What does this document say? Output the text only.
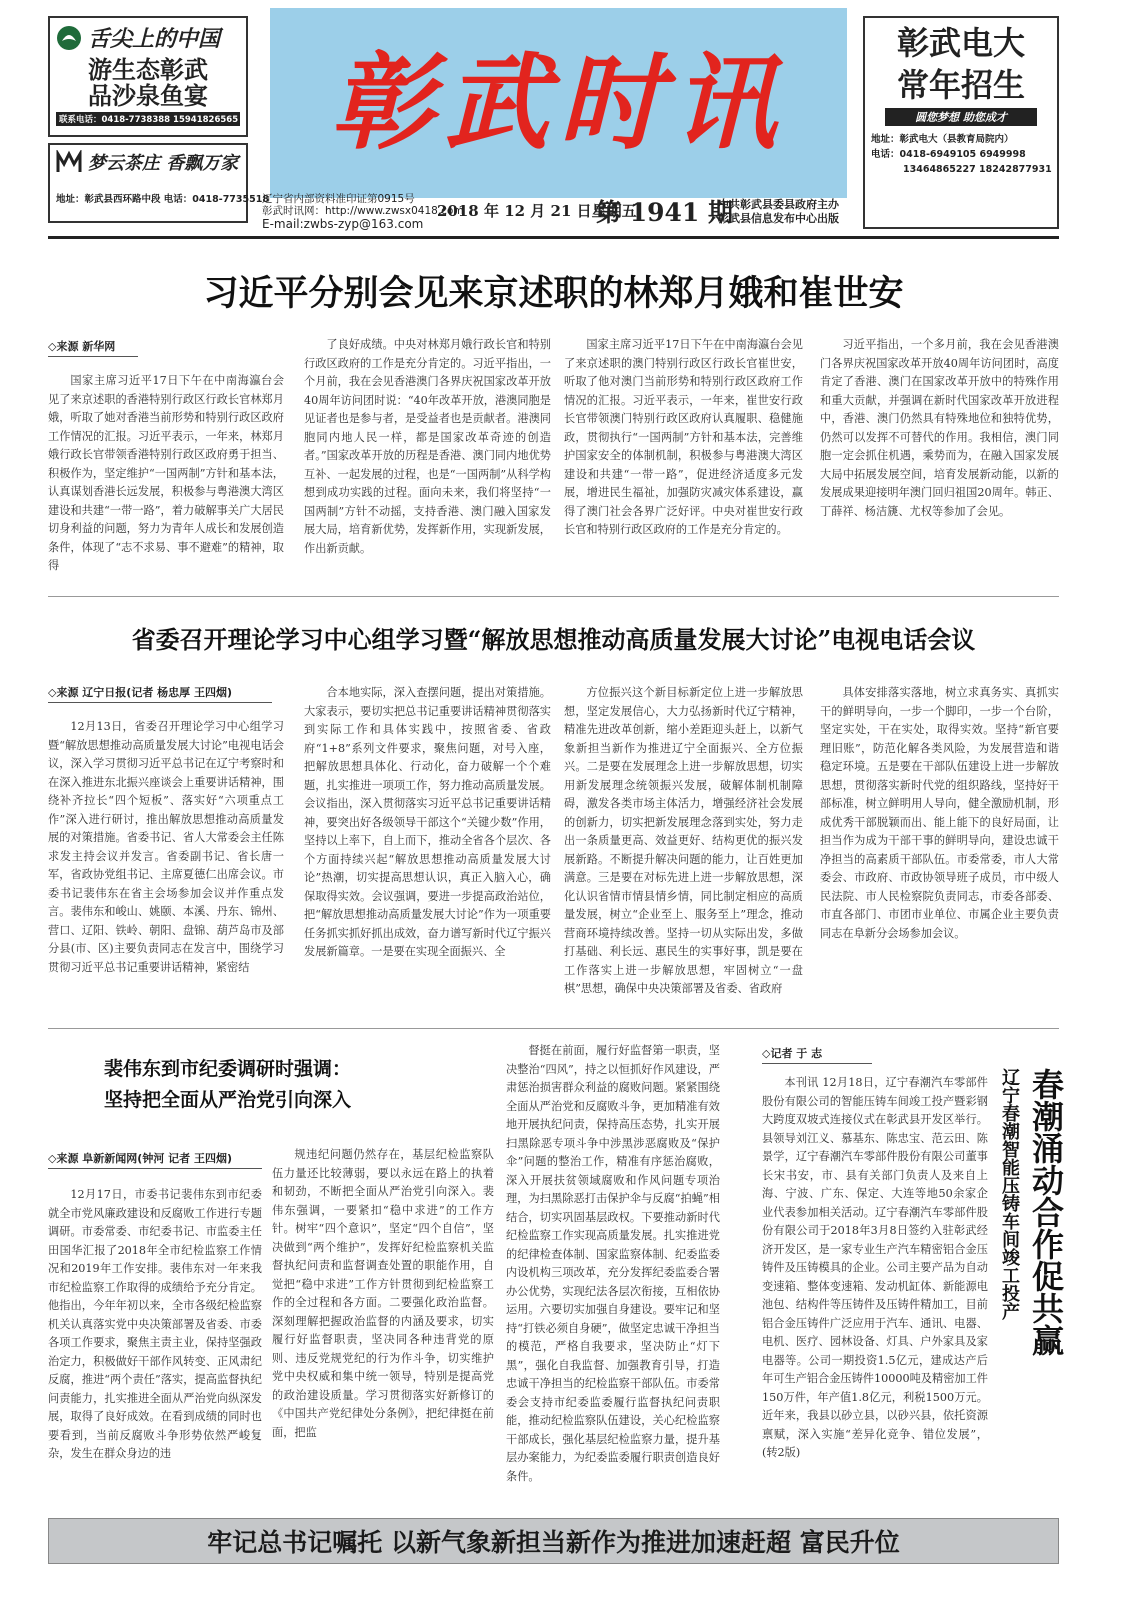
舌尖上的中国
游生态彰武
品沙泉鱼宴
联系电话：0418-7738388 15941826565
梦云茶庄 香飘万家
地址：彰武县西环路中段 电话：0418-7735518
彰武时讯
辽宁省内部资料准印证第0915号
彰武时讯网：http://www.zwsx0418.com
E-mail:zwbs-zyp@163.com
2018 年 12 月 21 日星期五
第 1941 期
中共彰武县委县政府主办
彰武县信息发布中心出版
彰武电大
常年招生
圆您梦想 助您成才
地址：彰武电大（县教育局院内）
电话：0418-6949105 6949998
13464865227 18242877931
习近平分别会见来京述职的林郑月娥和崔世安
◇来源 新华网

国家主席习近平17日下午在中南海瀛台会见了来京述职的香港特别行政区行政长官林郑月娥，听取了她对香港当前形势和特别行政区政府工作情况的汇报。习近平表示，一年来，林郑月娥行政长官带领香港特别行政区政府勇于担当、积极作为，坚定维护“一国两制”方针和基本法，认真谋划香港长远发展，积极参与粤港澳大湾区建设和共建“一带一路”，着力破解事关广大居民切身利益的问题，努力为青年人成长和发展创造条件，体现了“志不求易、事不避难”的精神，取得

了良好成绩。中央对林郑月娥行政长官和特别行政区政府的工作是充分肯定的。习近平指出，一个月前，我在会见香港澳门各界庆祝国家改革开放40周年访问团时说：“40年改革开放，港澳同胞是见证者也是参与者，是受益者也是贡献者。港澳同胞同内地人民一样，都是国家改革奇迹的创造者。”国家改革开放的历程是香港、澳门同内地优势互补、一起发展的过程，也是“一国两制”从科学构想到成功实践的过程。面向未来，我们将坚持“一国两制”方针不动摇，支持香港、澳门融入国家发展大局，培育新优势，发挥新作用，实现新发展，作出新贡献。

国家主席习近平17日下午在中南海瀛台会见了来京述职的澳门特别行政区行政长官崔世安，听取了他对澳门当前形势和特别行政区政府工作情况的汇报。习近平表示，一年来，崔世安行政长官带领澳门特别行政区政府认真履职、稳健施政，贯彻执行“一国两制”方针和基本法，完善维护国家安全的体制机制，积极参与粤港澳大湾区建设和共建“一带一路”，促进经济适度多元发展，增进民生福祉，加强防灾减灾体系建设，赢得了澳门社会各界广泛好评。中央对崔世安行政长官和特别行政区政府的工作是充分肯定的。

习近平指出，一个多月前，我在会见香港澳门各界庆祝国家改革开放40周年访问团时，高度肯定了香港、澳门在国家改革开放中的特殊作用和重大贡献，并强调在新时代国家改革开放进程中，香港、澳门仍然具有特殊地位和独特优势，仍然可以发挥不可替代的作用。我相信，澳门同胞一定会抓住机遇，乘势而为，在融入国家发展大局中拓展发展空间，培育发展新动能，以新的发展成果迎接明年澳门回归祖国20周年。韩正、丁薛祥、杨洁篪、尤权等参加了会见。

省委召开理论学习中心组学习暨“解放思想推动高质量发展大讨论”电视电话会议
◇来源 辽宁日报(记者 杨忠厚 王四烟)

12月13日，省委召开理论学习中心组学习暨“解放思想推动高质量发展大讨论”电视电话会议，深入学习贯彻习近平总书记在辽宁考察时和在深入推进东北振兴座谈会上重要讲话精神，围绕补齐拉长“四个短板”、落实好“六项重点工作”深入进行研讨，推出解放思想推动高质量发展的对策措施。省委书记、省人大常委会主任陈求发主持会议并发言。省委副书记、省长唐一军，省政协党组书记、主席夏德仁出席会议。市委书记裴伟东在省主会场参加会议并作重点发言。裴伟东和峻山、姚颐、本溪、丹东、锦州、营口、辽阳、铁岭、朝阳、盘锦、葫芦岛市及部分县(市、区)主要负责同志在发言中，围绕学习贯彻习近平总书记重要讲话精神，紧密结

合本地实际，深入查摆问题，提出对策措施。大家表示，要切实把总书记重要讲话精神贯彻落实到实际工作和具体实践中，按照省委、省政府“1+8”系列文件要求，聚焦问题，对号入座，把解放思想具体化、行动化，奋力破解一个个难题，扎实推进一项项工作，努力推动高质量发展。会议指出，深入贯彻落实习近平总书记重要讲话精神，要突出好各级领导干部这个“关键少数”作用，坚持以上率下，自上而下，推动全省各个层次、各个方面持续兴起“解放思想推动高质量发展大讨论”热潮，切实提高思想认识，真正入脑入心，确保取得实效。会议强调，要进一步提高政治站位，把“解放思想推动高质量发展大讨论”作为一项重要任务抓实抓好抓出成效，奋力谱写新时代辽宁振兴发展新篇章。一是要在实现全面振兴、全

方位振兴这个新目标新定位上进一步解放思想，坚定发展信心，大力弘扬新时代辽宁精神，精准先进改革创新，缩小差距迎头赶上，以新气象新担当新作为推进辽宁全面振兴、全方位振兴。二是要在发展理念上进一步解放思想，切实用新发展理念统领振兴发展，破解体制机制障碍，激发各类市场主体活力，增强经济社会发展的创新力，切实把新发展理念落到实处，努力走出一条质量更高、效益更好、结构更优的振兴发展新路。不断提升解决问题的能力，让百姓更加满意。三是要在对标先进上进一步解放思想，深化认识省情市情县情乡情，同比制定相应的高质量发展，树立“企业至上、服务至上”理念，推动营商环境持续改善。坚持一切从实际出发，多做打基础、利长远、惠民生的实事好事，凯是要在工作落实上进一步解放思想，牢固树立“一盘棋”思想，确保中央决策部署及省委、省政府

具体安排落实落地，树立求真务实、真抓实干的鲜明导向，一步一个脚印，一步一个台阶，坚定实处，干在实处，取得实效。坚持“新官要理旧账”，防范化解各类风险，为发展营造和谐稳定环境。五是要在干部队伍建设上进一步解放思想，贯彻落实新时代党的组织路线，坚持好干部标准，树立鲜明用人导向，健全激励机制，形成优秀干部脱颖而出、能上能下的良好局面，让担当作为成为干部干事的鲜明导向，建设忠诚干净担当的高素质干部队伍。市委常委，市人大常委会、市政府、市政协领导班子成员，市中级人民法院、市人民检察院负责同志，市委各部委、市直各部门、市团市业单位、市属企业主要负责同志在阜新分会场参加会议。

裴伟东到市纪委调研时强调：
坚持把全面从严治党引向深入
◇来源 阜新新闻网(钟河 记者 王四烟)

12月17日，市委书记裴伟东到市纪委就全市党风廉政建设和反腐败工作进行专题调研。市委常委、市纪委书记、市监委主任田国华汇报了2018年全市纪检监察工作情况和2019年工作安排。裴伟东对一年来我市纪检监察工作取得的成绩给予充分肯定。他指出，今年年初以来，全市各级纪检监察机关认真落实党中央决策部署及省委、市委各项工作要求，聚焦主责主业，保持坚强政治定力，积极做好干部作风转变、正风肃纪反腐，推进“两个责任”落实，提高监督执纪问责能力，扎实推进全面从严治党向纵深发展，取得了良好成效。在看到成绩的同时也要看到，当前反腐败斗争形势依然严峻复杂，发生在群众身边的违

规违纪问题仍然存在，基层纪检监察队伍力量还比较薄弱，要以永远在路上的执着和韧劲，不断把全面从严治党引向深入。裴伟东强调，一要紧扣“稳中求进”的工作方针。树牢“四个意识”，坚定“四个自信”，坚决做到“两个维护”，发挥好纪检监察机关监督执纪问责和监督调查处置的职能作用，自觉把“稳中求进”工作方针贯彻到纪检监察工作的全过程和各方面。二要强化政治监督。深刻理解把握政治监督的内涵及要求，切实履行好监督职责，坚决同各种违背党的原则、违反党规党纪的行为作斗争，切实维护党中央权威和集中统一领导，特别是提高党的政治建设质量。学习贯彻落实好新修订的《中国共产党纪律处分条例》，把纪律挺在前面，把监

督挺在前面，履行好监督第一职责，坚决整治“四风”，持之以恒抓好作风建设，严肃惩治损害群众利益的腐败问题。紧紧围绕全面从严治党和反腐败斗争，更加精准有效地开展执纪问责，保持高压态势，扎实开展扫黑除恶专项斗争中涉黑涉恶腐败及“保护伞”问题的整治工作，精准有序惩治腐败，深入开展扶贫领域腐败和作风问题专项治理，为扫黑除恶打击保护伞与反腐“拍蝇”相结合，切实巩固基层政权。下要推动新时代纪检监察工作实现高质量发展。扎实推进党的纪律检查体制、国家监察体制、纪委监委内设机构三项改革，充分发挥纪委监委合署办公优势，实现纪法各层次衔接，互相依协运用。六要切实加强自身建设。要牢记和坚持“打铁必须自身硬”，做坚定忠诚干净担当的模范，严格自我要求，坚决防止“灯下黑”，强化自我监督、加强教育引导，打造忠诚干净担当的纪检监察干部队伍。市委常委会支持市纪委监委履行监督执纪问责职能，推动纪检监察队伍建设，关心纪检监察干部成长，强化基层纪检监察力量，提升基层办案能力，为纪委监委履行职责创造良好条件。

◇记者 于 志

本刊讯 12月18日，辽宁春潮汽车零部件股份有限公司的智能压铸车间竣工投产暨彩钢大跨度双坡式连接仪式在彰武县开发区举行。县领导刘江义、慕基东、陈忠宝、范云田、陈景学，辽宁春潮汽车零部件股份有限公司董事长宋书安，市、县有关部门负责人及来自上海、宁波、广东、保定、大连等地50余家企业代表参加相关活动。辽宁春潮汽车零部件股份有限公司于2018年3月8日签约入驻彰武经济开发区，是一家专业生产汽车精密铝合金压铸件及压铸模具的企业。公司主要产品为自动变速箱、整体变速箱、发动机缸体、新能源电池包、结构件等压铸件及压铸件精加工，目前铝合金压铸件广泛应用于汽车、通讯、电器、电机、医疗、园林设备、灯具、户外家具及家电器等。公司一期投资1.5亿元，建成达产后年可生产铝合金压铸件10000吨及精密加工件150万件，年产值1.8亿元，利税1500万元。近年来，我县以砂立县，以砂兴县，依托资源禀赋，深入实施“差异化竞争、错位发展”，(转2版)

辽宁春潮智能压铸车间竣工投产 春潮涌动合作促共赢
牢记总书记嘱托 以新气象新担当新作为推进加速赶超 富民升位
